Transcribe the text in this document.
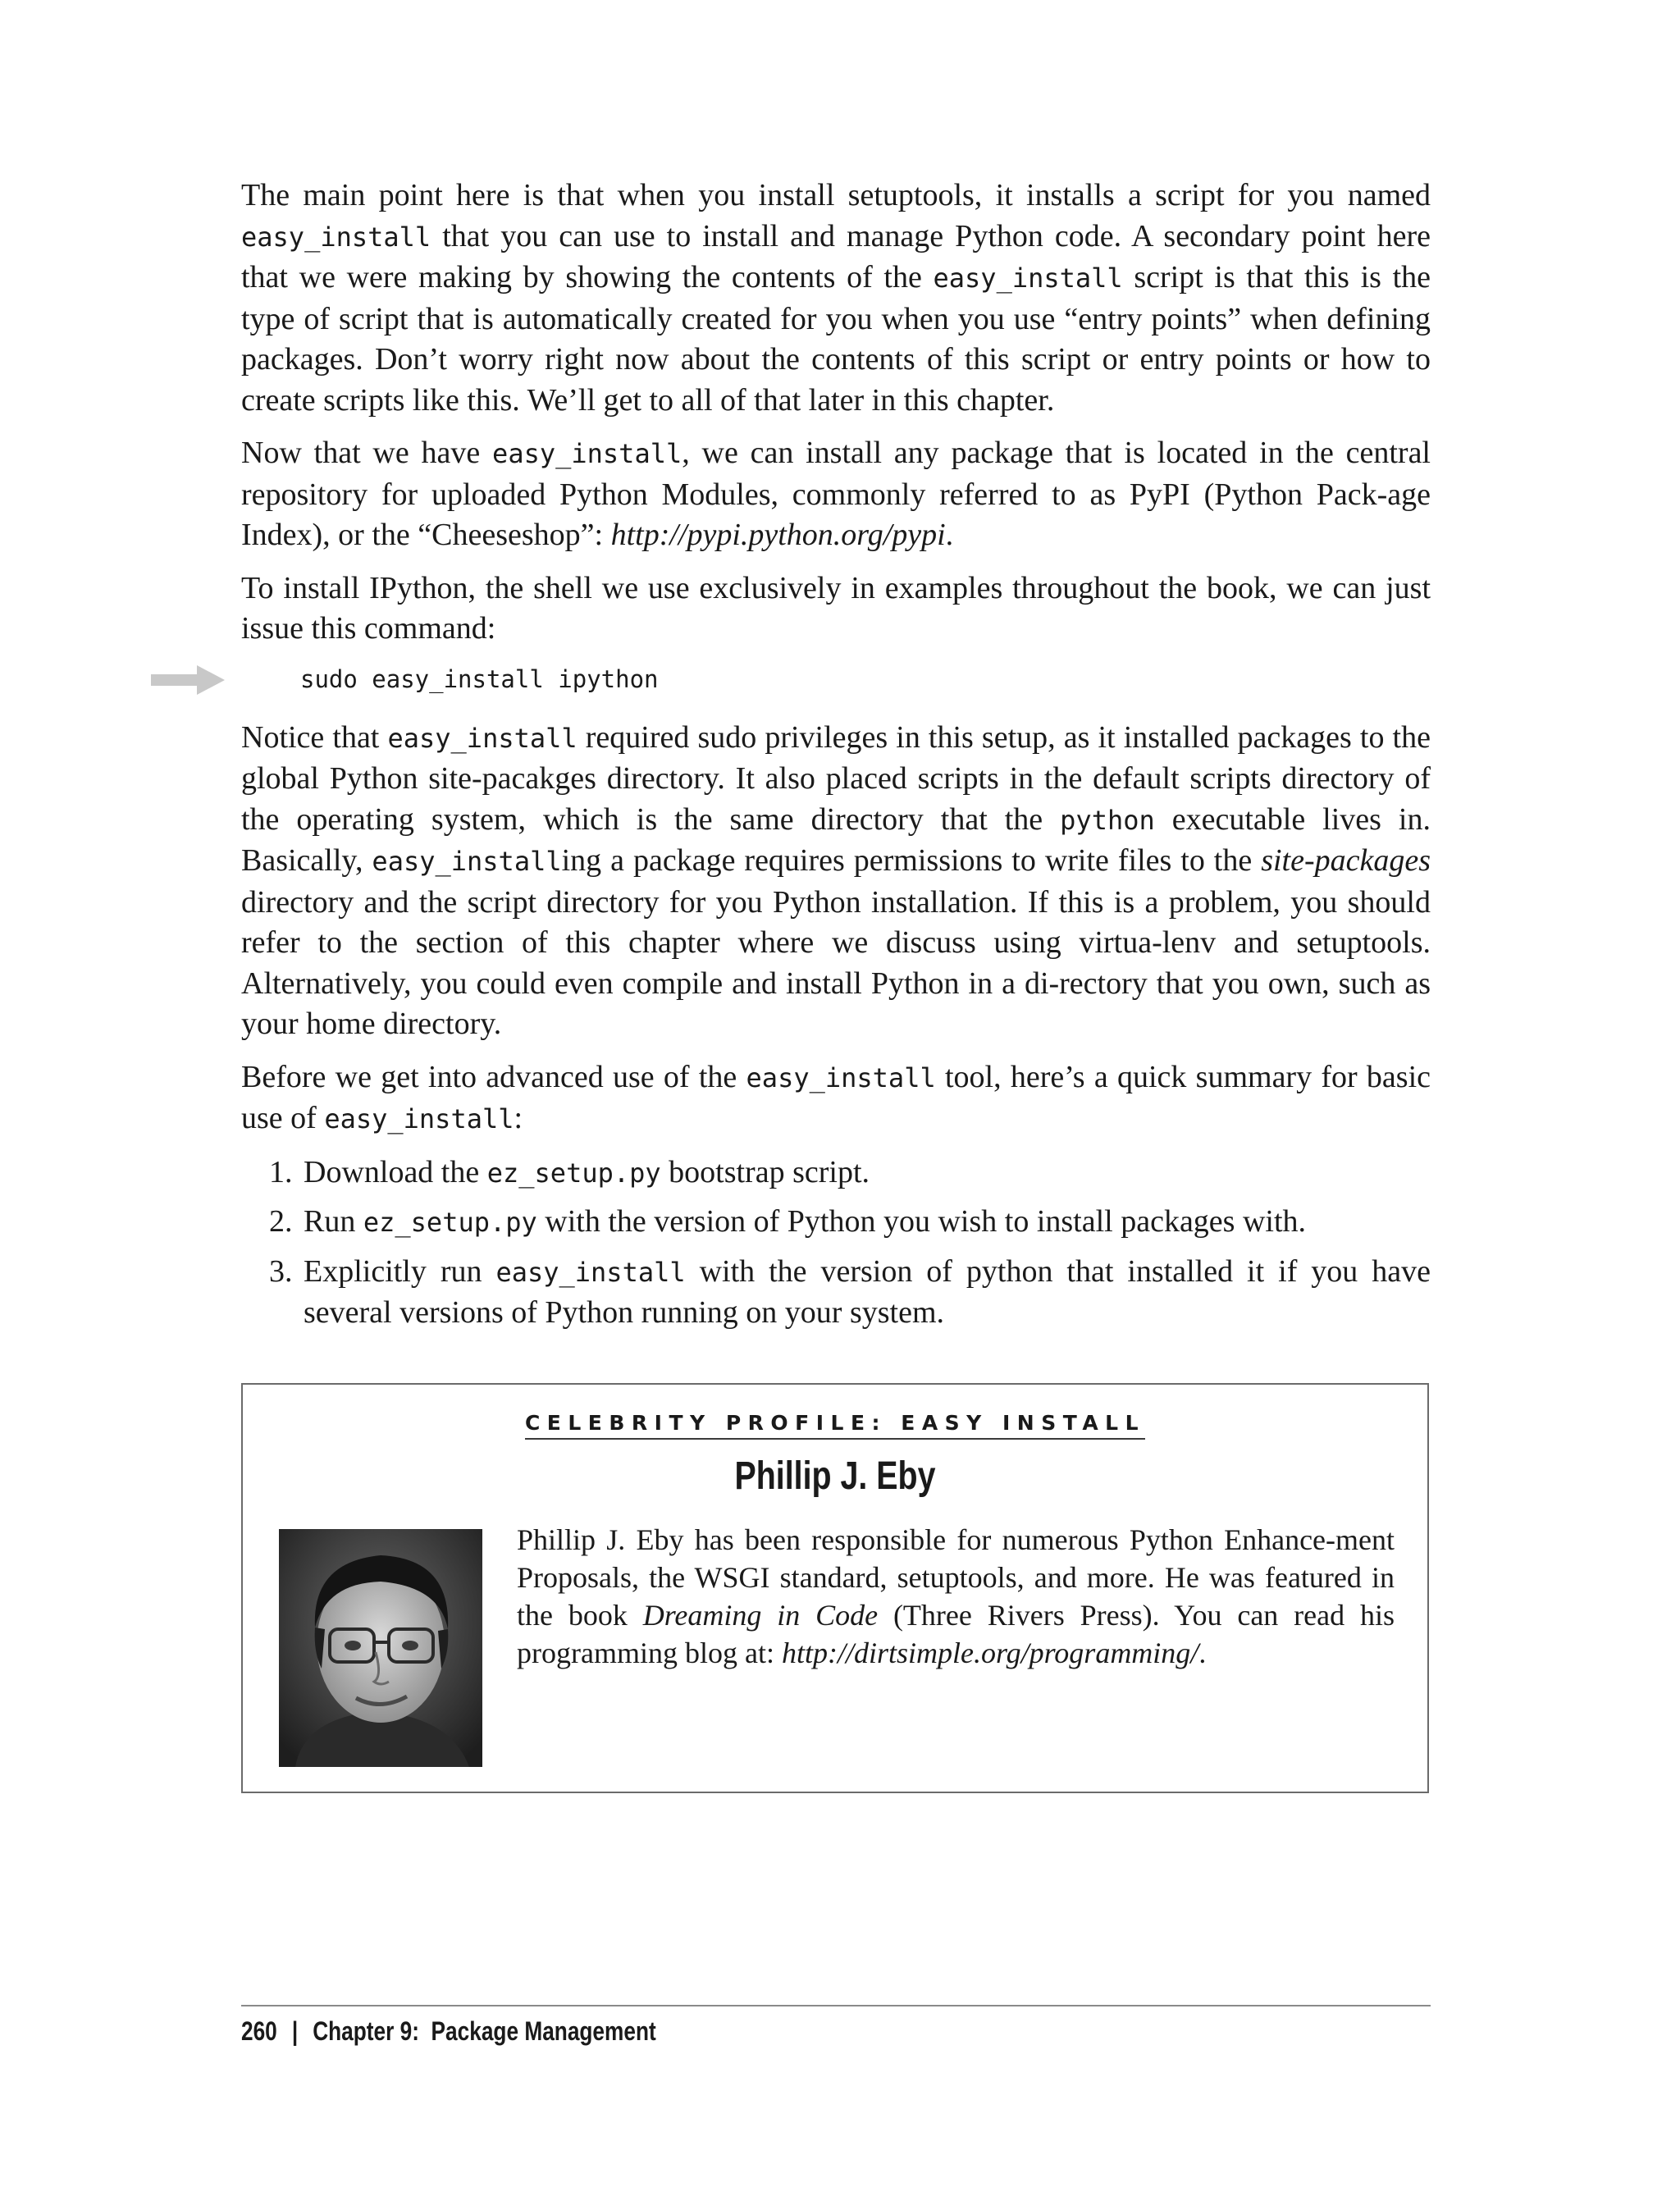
The main point here is that when you install setuptools, it installs a script for you named easy_install that you can use to install and manage Python code. A secondary point here that we were making by showing the contents of the easy_install script is that this is the type of script that is automatically created for you when you use “entry points” when defining packages. Don’t worry right now about the contents of this script or entry points or how to create scripts like this. We’ll get to all of that later in this chapter.

Now that we have easy_install, we can install any package that is located in the central repository for uploaded Python Modules, commonly referred to as PyPI (Python Pack-age Index), or the “Cheeseshop”: http://pypi.python.org/pypi.

To install IPython, the shell we use exclusively in examples throughout the book, we can just issue this command:

sudo easy_install ipython

Notice that easy_install required sudo privileges in this setup, as it installed packages to the global Python site-pacakges directory. It also placed scripts in the default scripts directory of the operating system, which is the same directory that the python executable lives in. Basically, easy_installing a package requires permissions to write files to the site-packages directory and the script directory for you Python installation. If this is a problem, you should refer to the section of this chapter where we discuss using virtua-lenv and setuptools. Alternatively, you could even compile and install Python in a di-rectory that you own, such as your home directory.

Before we get into advanced use of the easy_install tool, here’s a quick summary for basic use of easy_install:

1. Download the ez_setup.py bootstrap script.
2. Run ez_setup.py with the version of Python you wish to install packages with.
3. Explicitly run easy_install with the version of python that installed it if you have several versions of Python running on your system.
CELEBRITY PROFILE: EASY INSTALL
Phillip J. Eby

Phillip J. Eby has been responsible for numerous Python Enhance-ment Proposals, the WSGI standard, setuptools, and more. He was featured in the book Dreaming in Code (Three Rivers Press). You can read his programming blog at: http://dirtsimple.org/programming/.

260 | Chapter 9:  Package Management
